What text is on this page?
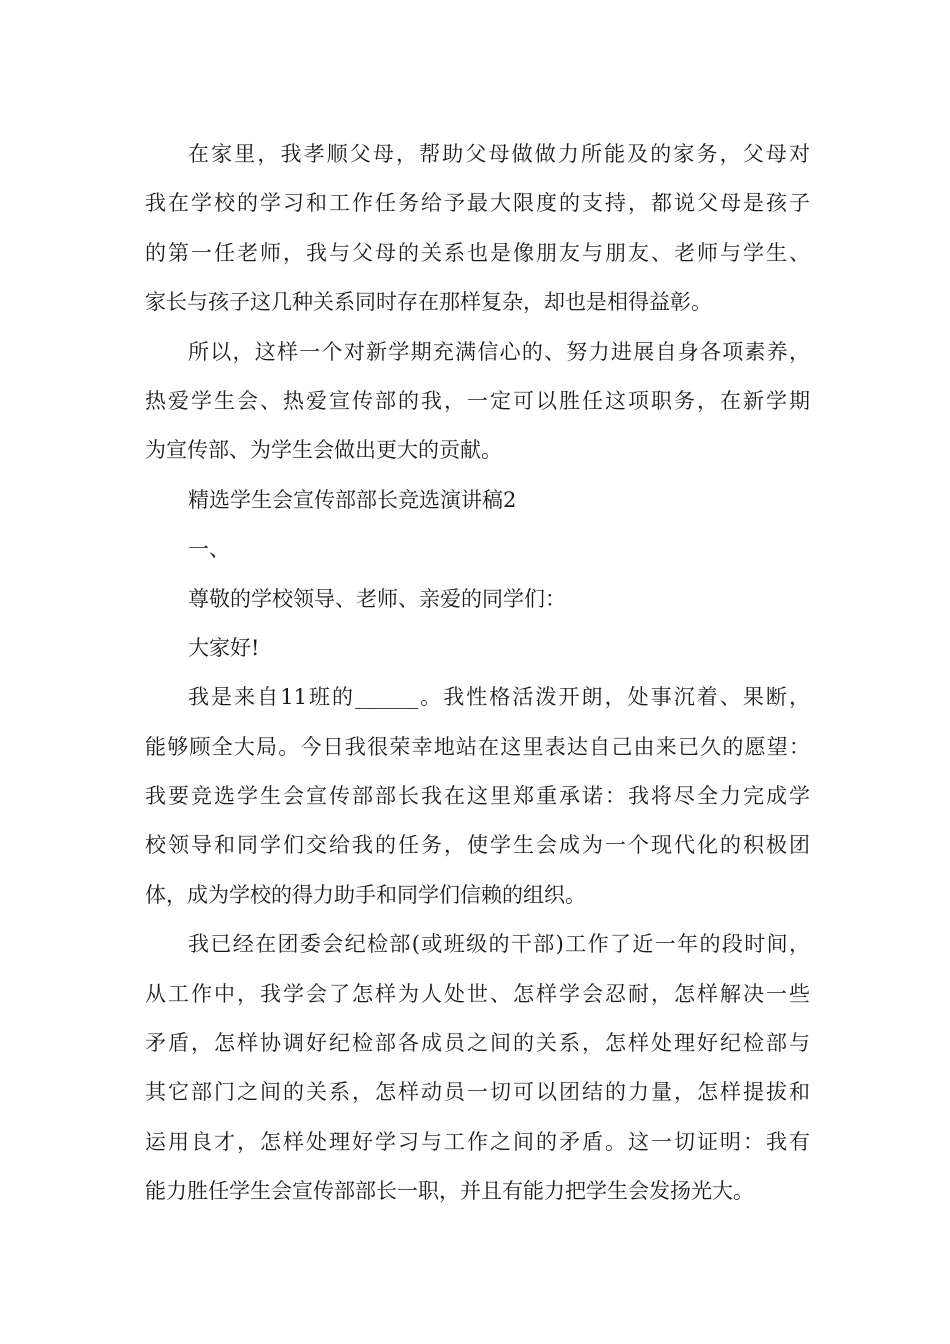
在家里，我孝顺父母，帮助父母做做力所能及的家务，父母对
我在学校的学习和工作任务给予最大限度的支持，都说父母是孩子
的第一任老师，我与父母的关系也是像朋友与朋友、老师与学生、
家长与孩子这几种关系同时存在那样复杂，却也是相得益彰。
所以，这样一个对新学期充满信心的、努力进展自身各项素养，
热爱学生会、热爱宣传部的我，一定可以胜任这项职务，在新学期
为宣传部、为学生会做出更大的贡献。
精选学生会宣传部部长竞选演讲稿2
一、
尊敬的学校领导、老师、亲爱的同学们：
大家好!
我是来自11班的______。我性格活泼开朗，处事沉着、果断，
能够顾全大局。今日我很荣幸地站在这里表达自己由来已久的愿望：
我要竞选学生会宣传部部长我在这里郑重承诺：我将尽全力完成学
校领导和同学们交给我的任务，使学生会成为一个现代化的积极团
体，成为学校的得力助手和同学们信赖的组织。
我已经在团委会纪检部(或班级的干部)工作了近一年的段时间，
从工作中，我学会了怎样为人处世、怎样学会忍耐，怎样解决一些
矛盾，怎样协调好纪检部各成员之间的关系，怎样处理好纪检部与
其它部门之间的关系，怎样动员一切可以团结的力量，怎样提拔和
运用良才，怎样处理好学习与工作之间的矛盾。这一切证明：我有
能力胜任学生会宣传部部长一职，并且有能力把学生会发扬光大。
